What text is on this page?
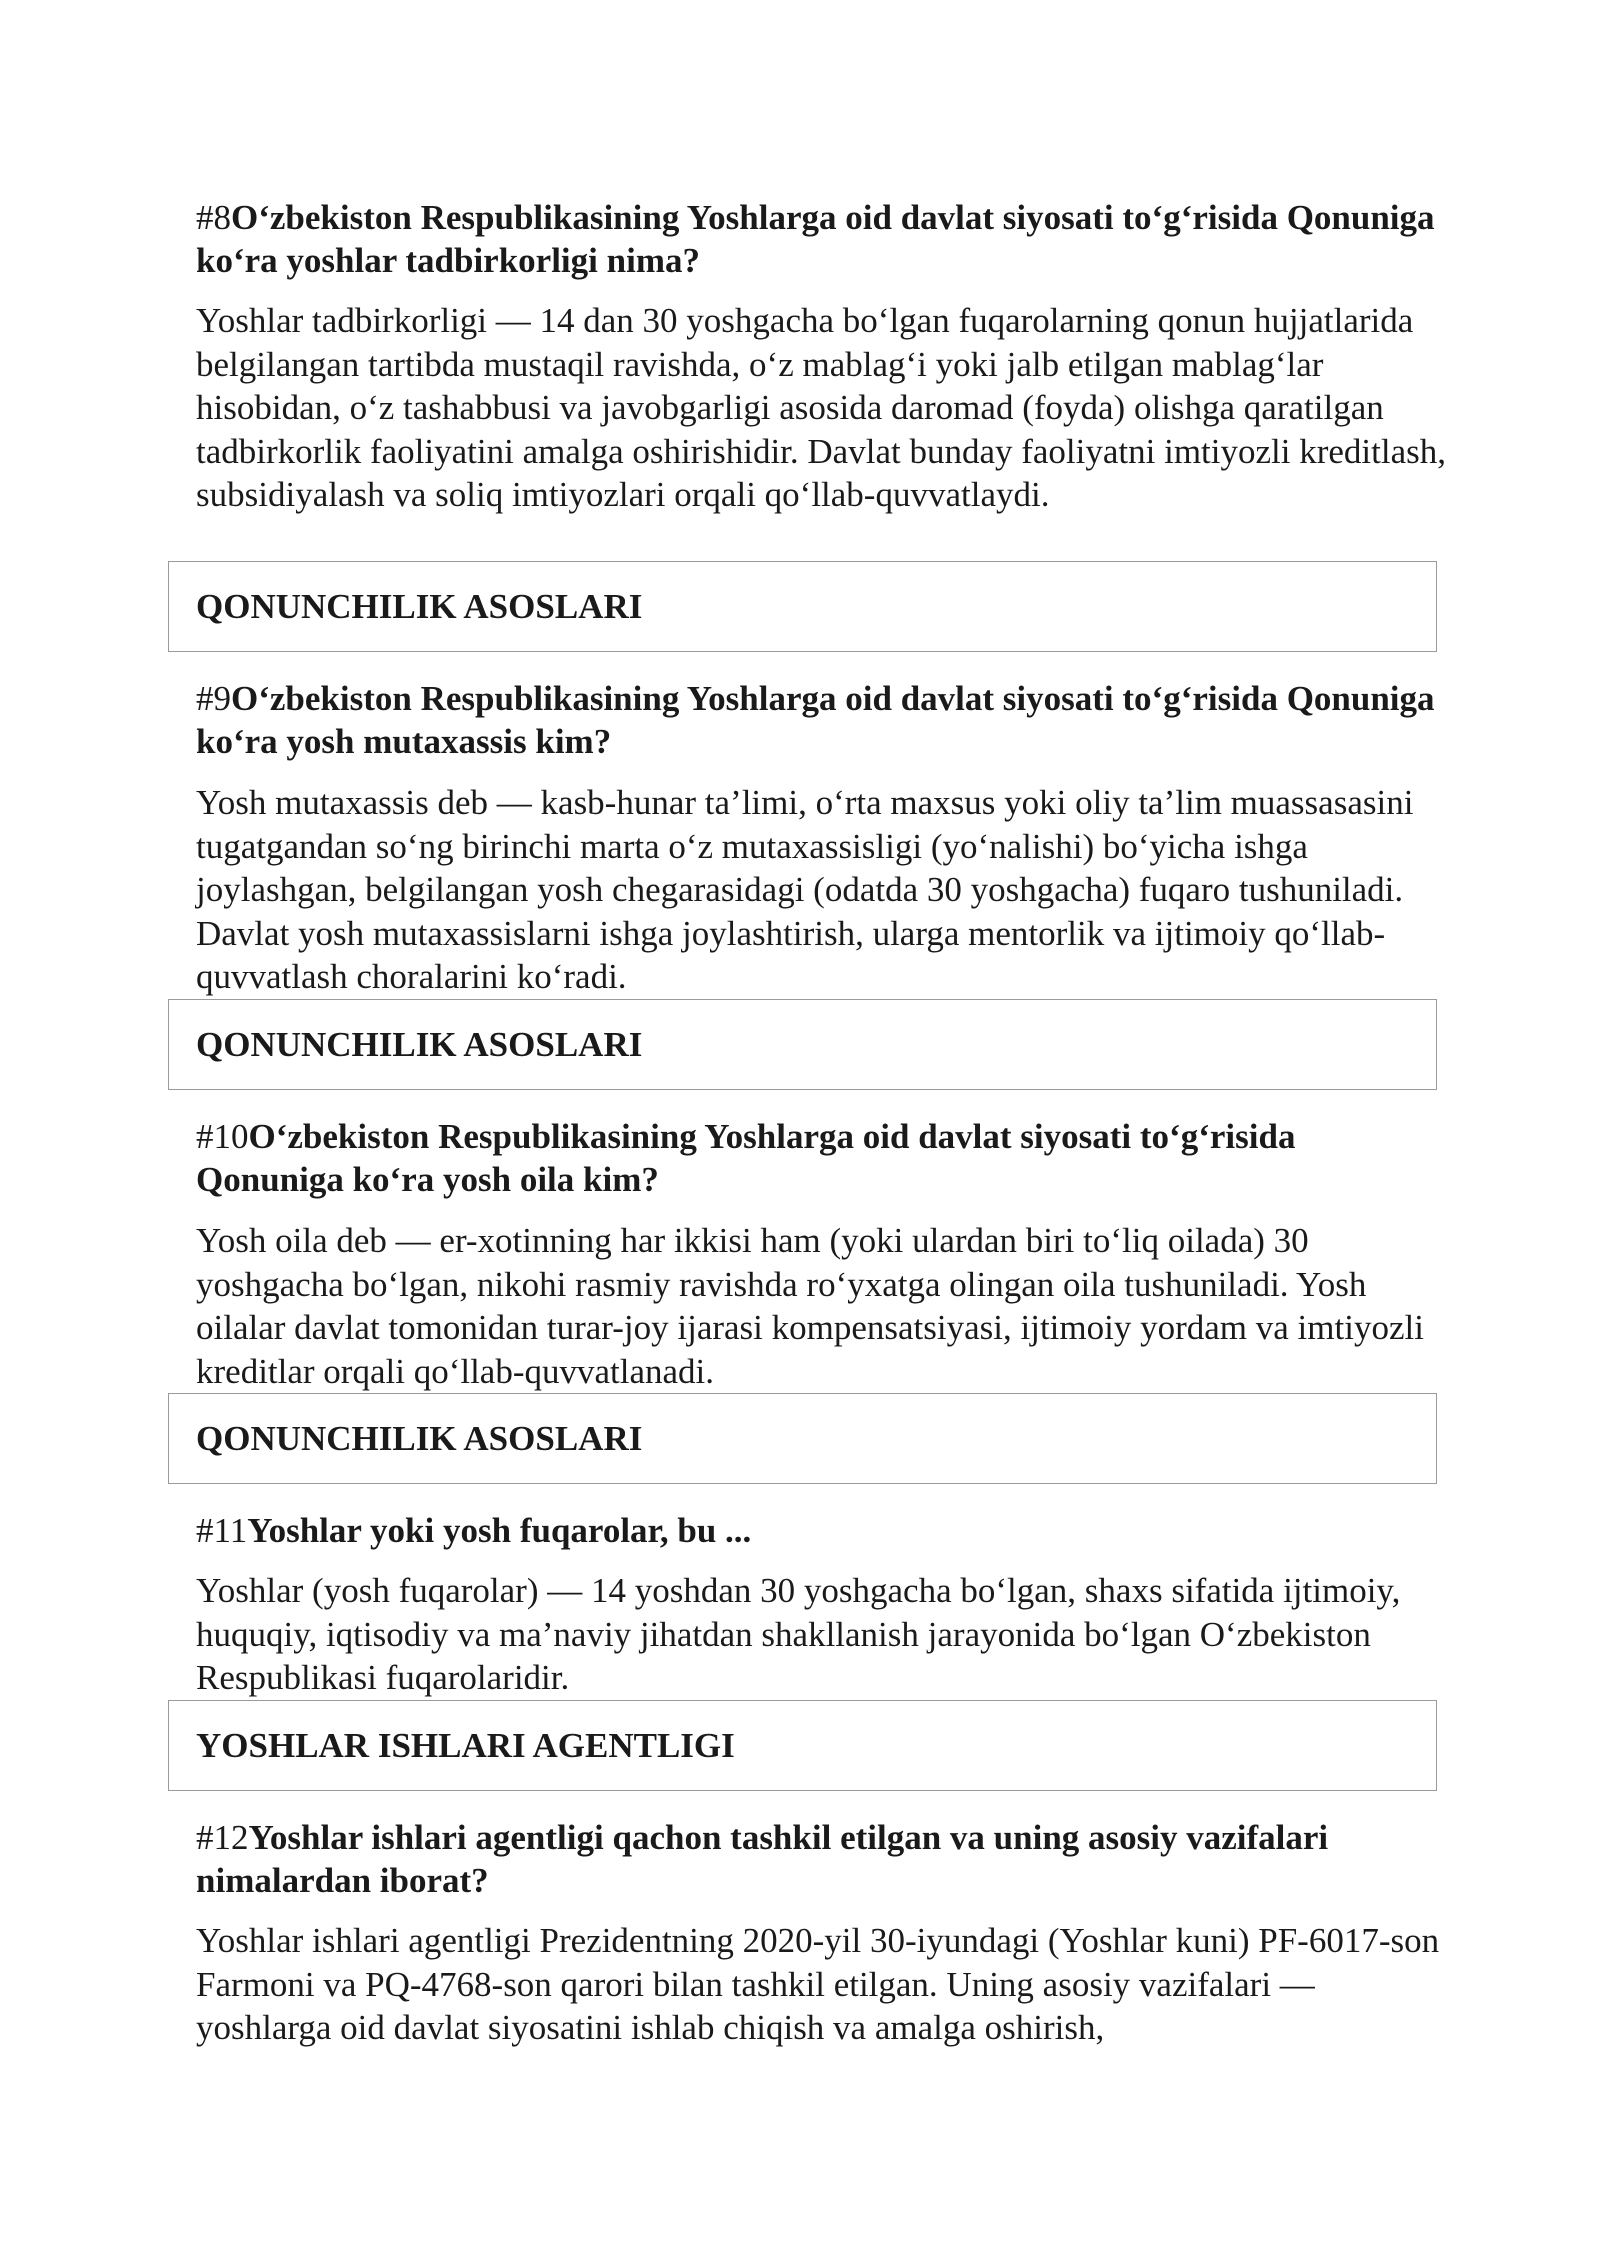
#8O‘zbekiston Respublikasining Yoshlarga oid davlat siyosati to‘g‘risida Qonuniga ko‘ra yoshlar tadbirkorligi nima?

Yoshlar tadbirkorligi — 14 dan 30 yoshgacha bo‘lgan fuqarolarning qonun hujjatlarida belgilangan tartibda mustaqil ravishda, o‘z mablag‘i yoki jalb etilgan mablag‘lar hisobidan, o‘z tashabbusi va javobgarligi asosida daromad (foyda) olishga qaratilgan tadbirkorlik faoliyatini amalga oshirishidir. Davlat bunday faoliyatni imtiyozli kreditlash, subsidiyalash va soliq imtiyozlari orqali qo‘llab-quvvatlaydi.

QONUNCHILIK ASOSLARI

#9O‘zbekiston Respublikasining Yoshlarga oid davlat siyosati to‘g‘risida Qonuniga ko‘ra yosh mutaxassis kim?

Yosh mutaxassis deb — kasb-hunar ta’limi, o‘rta maxsus yoki oliy ta’lim muassasasini tugatgandan so‘ng birinchi marta o‘z mutaxassisligi (yo‘nalishi) bo‘yicha ishga joylashgan, belgilangan yosh chegarasidagi (odatda 30 yoshgacha) fuqaro tushuniladi. Davlat yosh mutaxassislarni ishga joylashtirish, ularga mentorlik va ijtimoiy qo‘llab-quvvatlash choralarini ko‘radi.

QONUNCHILIK ASOSLARI

#10O‘zbekiston Respublikasining Yoshlarga oid davlat siyosati to‘g‘risida Qonuniga ko‘ra yosh oila kim?

Yosh oila deb — er-xotinning har ikkisi ham (yoki ulardan biri to‘liq oilada) 30 yoshgacha bo‘lgan, nikohi rasmiy ravishda ro‘yxatga olingan oila tushuniladi. Yosh oilalar davlat tomonidan turar-joy ijarasi kompensatsiyasi, ijtimoiy yordam va imtiyozli kreditlar orqali qo‘llab-quvvatlanadi.

QONUNCHILIK ASOSLARI

#11Yoshlar yoki yosh fuqarolar, bu ...

Yoshlar (yosh fuqarolar) — 14 yoshdan 30 yoshgacha bo‘lgan, shaxs sifatida ijtimoiy, huquqiy, iqtisodiy va ma’naviy jihatdan shakllanish jarayonida bo‘lgan O‘zbekiston Respublikasi fuqarolaridir.

YOSHLAR ISHLARI AGENTLIGI

#12Yoshlar ishlari agentligi qachon tashkil etilgan va uning asosiy vazifalari nimalardan iborat?

Yoshlar ishlari agentligi Prezidentning 2020-yil 30-iyundagi (Yoshlar kuni) PF-6017-son Farmoni va PQ-4768-son qarori bilan tashkil etilgan. Uning asosiy vazifalari — yoshlarga oid davlat siyosatini ishlab chiqish va amalga oshirish,
